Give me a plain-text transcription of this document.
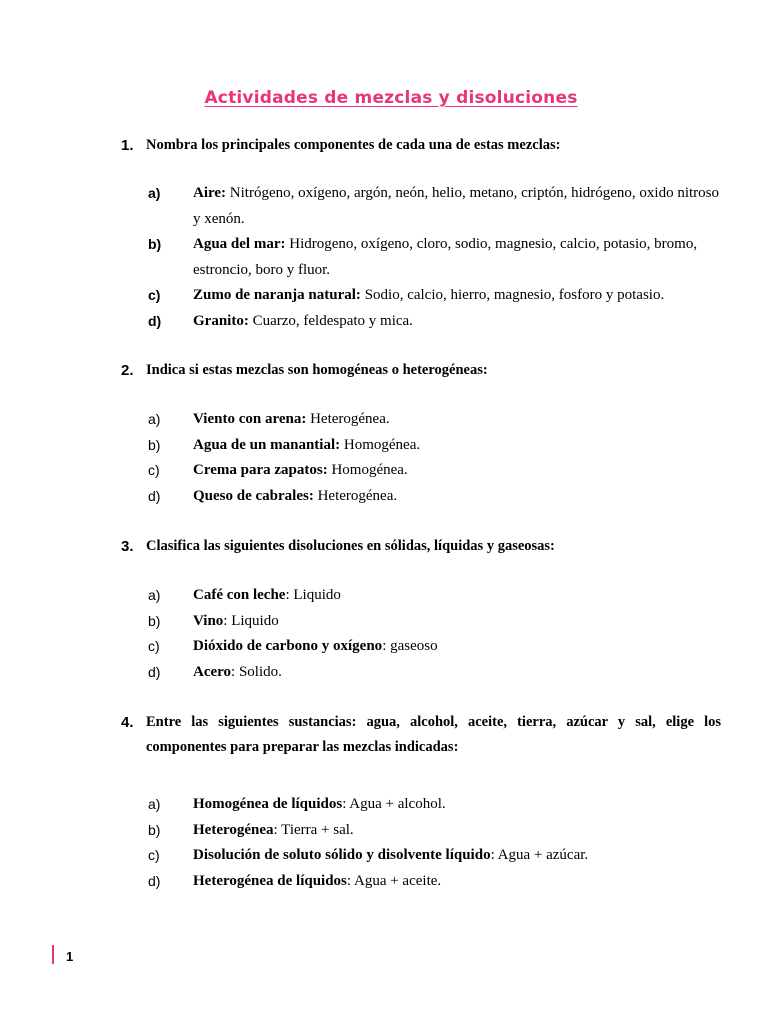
Actividades de mezclas y disoluciones
1. Nombra los principales componentes de cada una de estas mezclas:
a)	Aire: Nitrógeno, oxígeno, argón, neón, helio, metano, criptón, hidrógeno, oxido nitroso y xenón.
b)	Agua del mar: Hidrogeno, oxígeno, cloro, sodio, magnesio, calcio, potasio, bromo, estroncio, boro y fluor.
c)	Zumo de naranja natural: Sodio, calcio, hierro, magnesio, fosforo y potasio.
d)	Granito: Cuarzo, feldespato y mica.
2. Indica si estas mezclas son homogéneas o heterogéneas:
a)	Viento con arena: Heterogénea.
b)	Agua de un manantial: Homogénea.
c)	Crema para zapatos: Homogénea.
d)	Queso de cabrales: Heterogénea.
3. Clasifica las siguientes disoluciones en sólidas, líquidas y gaseosas:
a)	Café con leche: Liquido
b)	Vino: Liquido
c)	Dióxido de carbono y oxígeno: gaseoso
d)	Acero: Solido.
4. Entre las siguientes sustancias: agua, alcohol, aceite, tierra, azúcar y sal, elige los componentes para preparar las mezclas indicadas:
a)	Homogénea de líquidos: Agua + alcohol.
b)	Heterogénea: Tierra + sal.
c)	Disolución de soluto sólido y disolvente líquido: Agua + azúcar.
d)	Heterogénea de líquidos: Agua + aceite.
1
